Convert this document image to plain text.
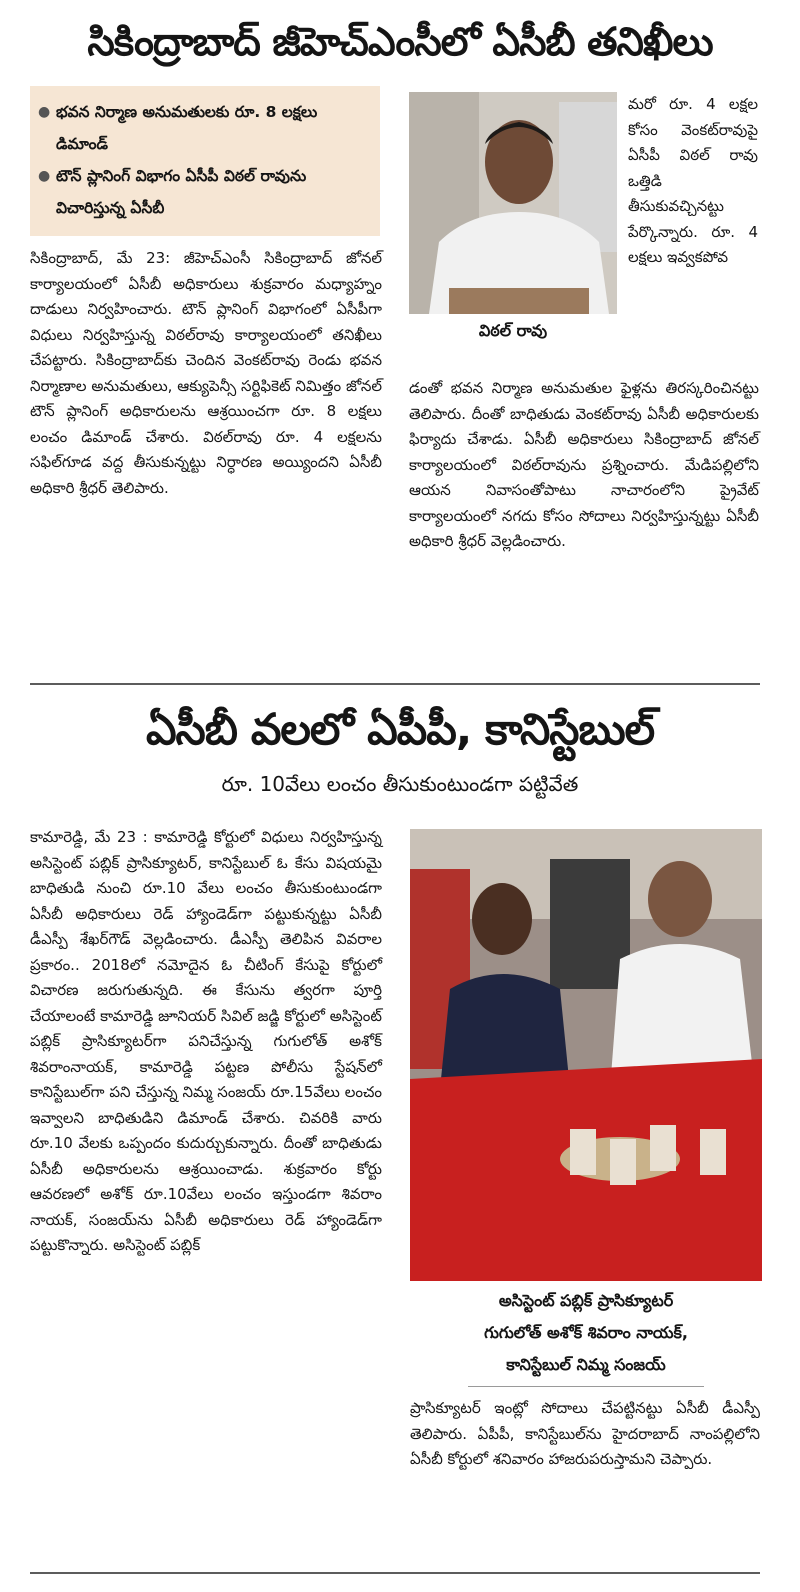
సికింద్రాబాద్ జీహెచ్ఎంసీలో ఏసీబీ తనిఖీలు
● భవన నిర్మాణ అనుమతులకు రూ. 8 లక్షలు డిమాండ్
● టౌన్ ప్లానింగ్ విభాగం ఏసీపీ విఠల్ రావును విచారిస్తున్న ఏసీబీ

సికింద్రాబాద్, మే 23: జీహెచ్ఎంసీ సికింద్రాబాద్ జోనల్ కార్యాలయంలో ఏసీబీ అధికారులు శుక్రవారం మధ్యాహ్నం దాడులు నిర్వహించారు. టౌన్ ప్లానింగ్ విభాగంలో ఏసీపీగా విధులు నిర్వహిస్తున్న విఠల్‌రావు కార్యాలయంలో తనిఖీలు చేపట్టారు. సికింద్రాబాద్‌కు చెందిన వెంకట్‌రావు రెండు భవన నిర్మాణాల అనుమతులు, ఆక్యుపెన్సీ సర్టిఫికెట్ నిమిత్తం జోనల్ టౌన్ ప్లానింగ్ అధికారులను ఆశ్రయించగా రూ. 8 లక్షలు లంచం డిమాండ్ చేశారు. విఠల్‌రావు రూ. 4 లక్షలను సఫిల్‌గూడ వద్ద తీసుకున్నట్టు నిర్ధారణ అయ్యిందని ఏసీబీ అధికారి శ్రీధర్ తెలిపారు.

విఠల్ రావు

మరో రూ. 4 లక్షల కోసం వెంకట్‌రావుపై ఏసీపీ విఠల్ రావు ఒత్తిడి తీసుకువచ్చినట్టు పేర్కొన్నారు. రూ. 4 లక్షలు ఇవ్వకపోవ

డంతో భవన నిర్మాణ అనుమతుల ఫైళ్లను తిరస్కరించినట్టు తెలిపారు. దీంతో బాధితుడు వెంకట్‌రావు ఏసీబీ అధికారులకు ఫిర్యాదు చేశాడు. ఏసీబీ అధికారులు సికింద్రాబాద్ జోనల్ కార్యాలయంలో విఠల్‌రావును ప్రశ్నించారు. మేడిపల్లిలోని ఆయన నివాసంతోపాటు నాచారంలోని ప్రైవేట్ కార్యాలయంలో నగదు కోసం సోదాలు నిర్వహిస్తున్నట్టు ఏసీబీ అధికారి శ్రీధర్ వెల్లడించారు.

ఏసీబీ వలలో ఏపీపీ, కానిస్టేబుల్
రూ. 10వేలు లంచం తీసుకుంటుండగా పట్టివేత

కామారెడ్డి, మే 23 : కామారెడ్డి కోర్టులో విధులు నిర్వహిస్తున్న అసిస్టెంట్ పబ్లిక్ ప్రాసిక్యూటర్, కానిస్టేబుల్ ఓ కేసు విషయమై బాధితుడి నుంచి రూ.10 వేలు లంచం తీసుకుంటుండగా ఏసీబీ అధికారులు రెడ్ హ్యాండెడ్‌గా పట్టుకున్నట్టు ఏసీబీ డీఎస్పీ శేఖర్‌గౌడ్ వెల్లడించారు. డీఎస్పీ తెలిపిన వివరాల ప్రకారం.. 2018లో నమోదైన ఓ చీటింగ్ కేసుపై కోర్టులో విచారణ జరుగుతున్నది. ఈ కేసును త్వరగా పూర్తి చేయాలంటే కామారెడ్డి జూనియర్ సివిల్ జడ్జి కోర్టులో అసిస్టెంట్ పబ్లిక్ ప్రాసిక్యూటర్‌గా పనిచేస్తున్న గుగులోత్ అశోక్ శివరాంనాయక్, కామారెడ్డి పట్టణ పోలీసు స్టేషన్‌లో కానిస్టేబుల్‌గా పని చేస్తున్న నిమ్మ సంజయ్ రూ.15వేలు లంచం ఇవ్వాలని బాధితుడిని డిమాండ్ చేశారు. చివరికి వారు రూ.10 వేలకు ఒప్పందం కుదుర్చుకున్నారు. దీంతో బాధితుడు ఏసీబీ అధికారులను ఆశ్రయించాడు. శుక్రవారం కోర్టు ఆవరణలో అశోక్ రూ.10వేలు లంచం ఇస్తుండగా శివరాం నాయక్, సంజయ్‌ను ఏసీబీ అధికారులు రెడ్ హ్యాండెడ్‌గా పట్టుకొన్నారు. అసిస్టెంట్ పబ్లిక్

అసిస్టెంట్ పబ్లిక్ ప్రాసిక్యూటర్
గుగులోత్ అశోక్ శివరాం నాయక్,
కానిస్టేబుల్ నిమ్మ సంజయ్

ప్రాసిక్యూటర్ ఇంట్లో సోదాలు చేపట్టినట్టు ఏసీబీ డీఎస్పీ తెలిపారు. ఏపీపీ, కానిస్టేబుల్‌ను హైదరాబాద్ నాంపల్లిలోని ఏసీబీ కోర్టులో శనివారం హాజరుపరుస్తామని చెప్పారు.
